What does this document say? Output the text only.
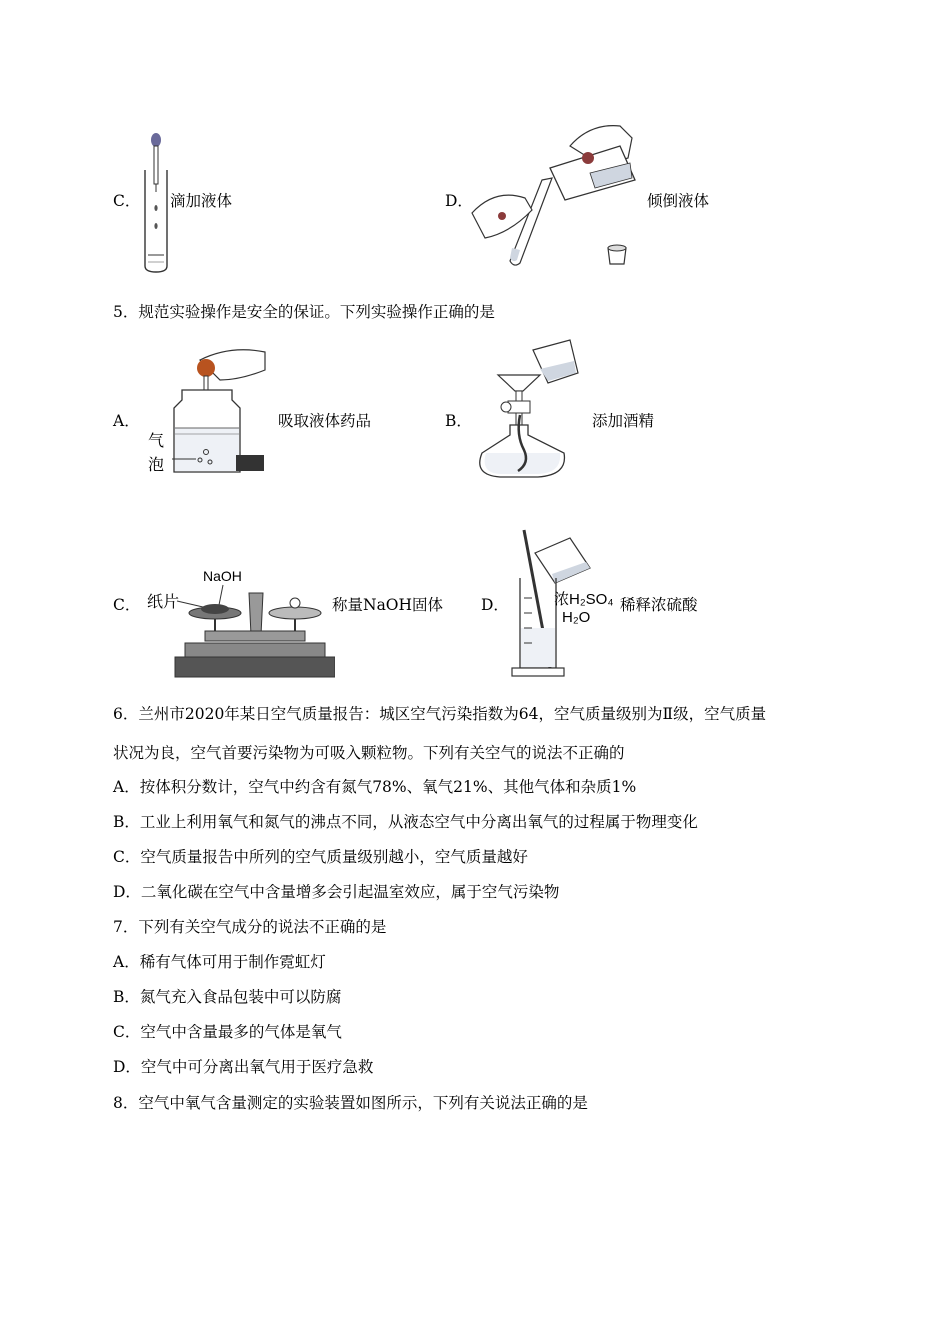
C． 滴加液体	D．	倾倒液体
5．规范实验操作是安全的保证。下列实验操作正确的是
A．
气
泡
吸取液体药品	B．	添加酒精
C． 纸片
NaOH
称量NaOH固体 D．	浓H₂SO₄
H₂O
稀释浓硫酸
6．兰州市2020年某日空气质量报告：城区空气污染指数为64，空气质量级别为Ⅱ级，空气质量
状况为良，空气首要污染物为可吸入颗粒物。下列有关空气的说法不正确的
A．按体积分数计，空气中约含有氮气78%、氧气21%、其他气体和杂质1%
B．工业上利用氧气和氮气的沸点不同，从液态空气中分离出氧气的过程属于物理变化
C．空气质量报告中所列的空气质量级别越小，空气质量越好
D．二氧化碳在空气中含量增多会引起温室效应，属于空气污染物
7．下列有关空气成分的说法不正确的是
A．稀有气体可用于制作霓虹灯
B．氮气充入食品包装中可以防腐
C．空气中含量最多的气体是氧气
D．空气中可分离出氧气用于医疗急救
8．空气中氧气含量测定的实验装置如图所示，下列有关说法正确的是
